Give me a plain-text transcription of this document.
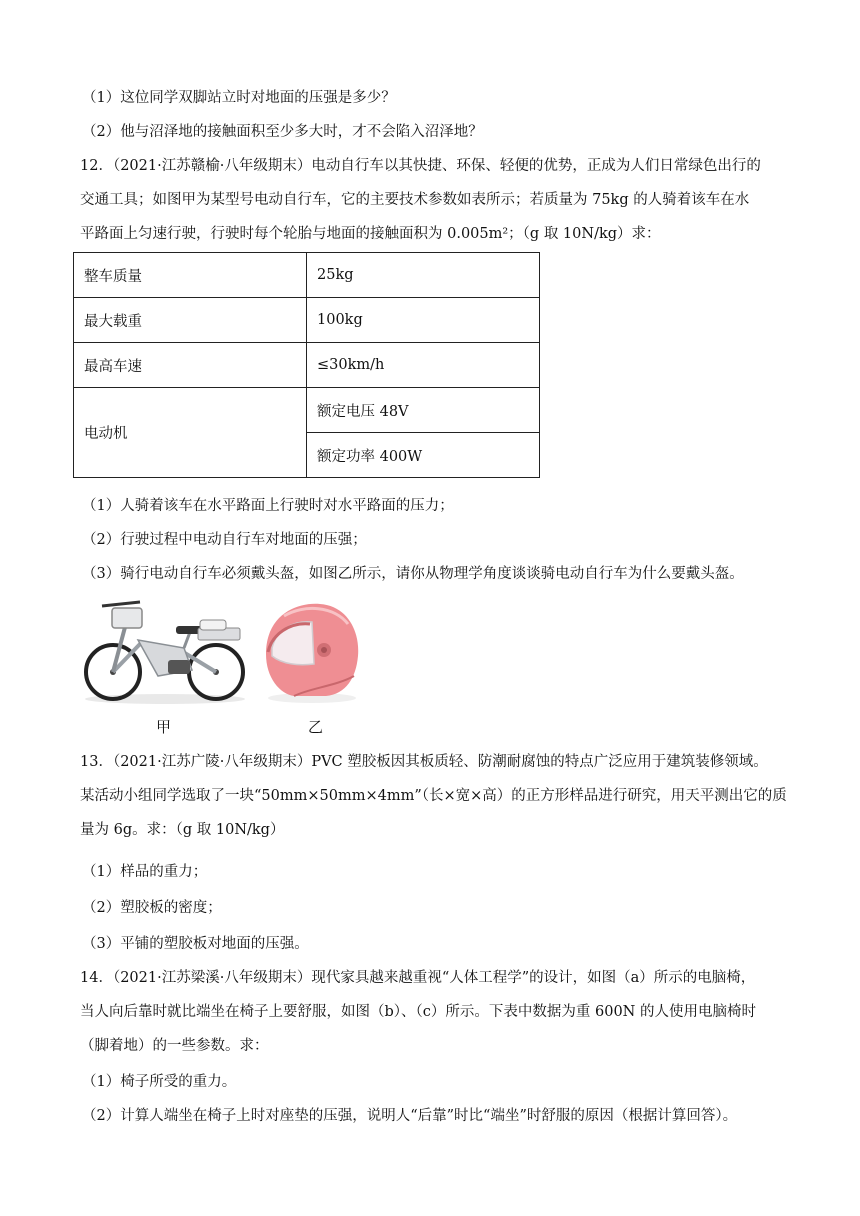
（1）这位同学双脚站立时对地面的压强是多少？
（2）他与沼泽地的接触面积至少多大时，才不会陷入沼泽地？
12．（2021·江苏赣榆·八年级期末）电动自行车以其快捷、环保、轻便的优势，正成为人们日常绿色出行的
交通工具；如图甲为某型号电动自行车，它的主要技术参数如表所示；若质量为 75kg 的人骑着该车在水
平路面上匀速行驶，行驶时每个轮胎与地面的接触面积为 0.005m²；（g 取 10N/kg）求：
整车质量	25kg
最大载重	100kg
最高车速	≤30km/h
电动机	额定电压 48V
	额定功率 400W
（1）人骑着该车在水平路面上行驶时对水平路面的压力；
（2）行驶过程中电动自行车对地面的压强；
（3）骑行电动自行车必须戴头盔，如图乙所示，请你从物理学角度谈谈骑电动自行车为什么要戴头盔。
甲	乙
13．（2021·江苏广陵·八年级期末）PVC 塑胶板因其板质轻、防潮耐腐蚀的特点广泛应用于建筑装修领域。
某活动小组同学选取了一块“50mm×50mm×4mm”（长×宽×高）的正方形样品进行研究，用天平测出它的质
量为 6g。求：（g 取 10N/kg）
（1）样品的重力；
（2）塑胶板的密度；
（3）平铺的塑胶板对地面的压强。
14．（2021·江苏梁溪·八年级期末）现代家具越来越重视“人体工程学”的设计，如图（a）所示的电脑椅，
当人向后靠时就比端坐在椅子上要舒服，如图（b）、（c）所示。下表中数据为重 600N 的人使用电脑椅时
（脚着地）的一些参数。求：
（1）椅子所受的重力。
（2）计算人端坐在椅子上时对座垫的压强，说明人“后靠”时比“端坐”时舒服的原因（根据计算回答）。
